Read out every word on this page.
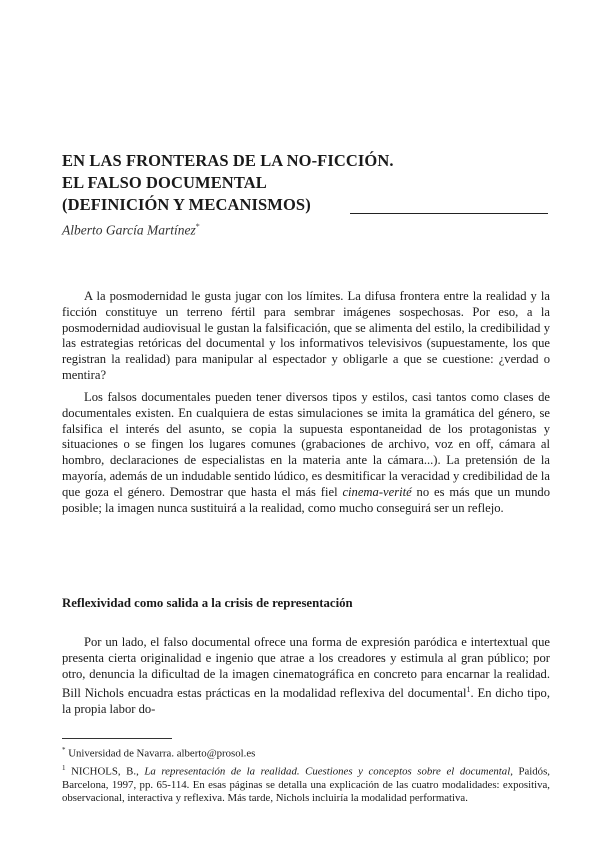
EN LAS FRONTERAS DE LA NO-FICCIÓN.
EL FALSO DOCUMENTAL
(DEFINICIÓN Y MECANISMOS)
Alberto García Martínez*

A la posmodernidad le gusta jugar con los límites. La difusa frontera entre la realidad y la ficción constituye un terreno fértil para sembrar imágenes sospechosas. Por eso, a la posmodernidad audiovisual le gustan la falsificación, que se alimenta del estilo, la credibilidad y las estrategias retóricas del documental y los informativos televisivos (supuestamente, los que registran la realidad) para manipular al espectador y obligarle a que se cuestione: ¿verdad o mentira?

Los falsos documentales pueden tener diversos tipos y estilos, casi tantos como clases de documentales existen. En cualquiera de estas simulaciones se imita la gramática del género, se falsifica el interés del asunto, se copia la supuesta espontaneidad de los protagonistas y situaciones o se fingen los lugares comunes (grabaciones de archivo, voz en off, cámara al hombro, declaraciones de especialistas en la materia ante la cámara...). La pretensión de la mayoría, además de un indudable sentido lúdico, es desmitificar la veracidad y credibilidad de la que goza el género. Demostrar que hasta el más fiel cinema-verité no es más que un mundo posible; la imagen nunca sustituirá a la realidad, como mucho conseguirá ser un reflejo.

Reflexividad como salida a la crisis de representación

Por un lado, el falso documental ofrece una forma de expresión paródica e intertextual que presenta cierta originalidad e ingenio que atrae a los creadores y estimula al gran público; por otro, denuncia la dificultad de la imagen cinematográfica en concreto para encarnar la realidad. Bill Nichols encuadra estas prácticas en la modalidad reflexiva del documental$^1$. En dicho tipo, la propia labor do-

* Universidad de Navarra. alberto@prosol.es

$^1$ NICHOLS, B., La representación de la realidad. Cuestiones y conceptos sobre el documental, Paidós, Barcelona, 1997, pp. 65-114. En esas páginas se detalla una explicación de las cuatro modalidades: expositiva, observacional, interactiva y reflexiva. Más tarde, Nichols incluiría la modalidad performativa.
